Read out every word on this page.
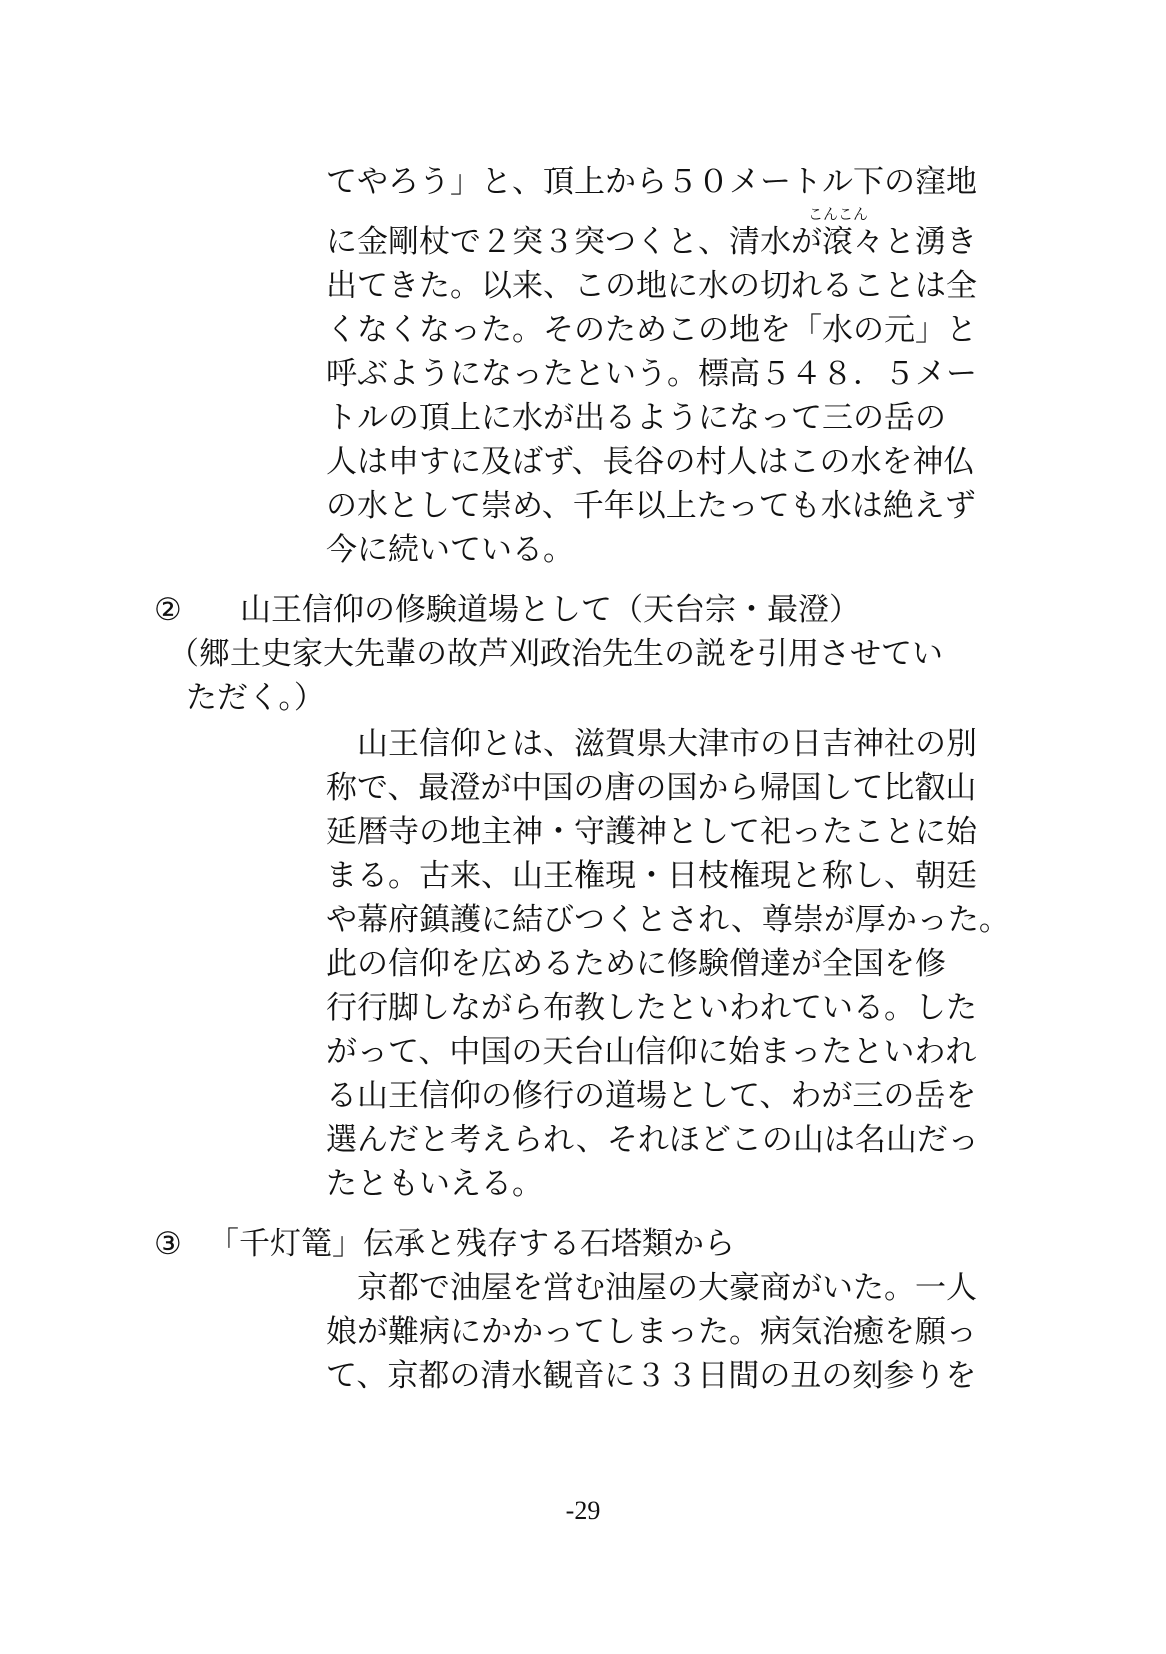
てやろう」と、頂上から５０メートル下の窪地

こんこん

に金剛杖で２突３突つくと、清水が滾々と湧き

出てきた。以来、この地に水の切れることは全

くなくなった。そのためこの地を「水の元」と

呼ぶようになったという。標高５４８．５メー

トルの頂上に水が出るようになって三の岳の

人は申すに及ばず、長谷の村人はこの水を神仏

の水として崇め、千年以上たっても水は絶えず

今に続いている。

② 山王信仰の修験道場として（天台宗・最澄）

（郷土史家大先輩の故芦刈政治先生の説を引用させてい

ただく。）

山王信仰とは、滋賀県大津市の日吉神社の別

称で、最澄が中国の唐の国から帰国して比叡山

延暦寺の地主神・守護神として祀ったことに始

まる。古来、山王権現・日枝権現と称し、朝廷

や幕府鎮護に結びつくとされ、尊崇が厚かった。

此の信仰を広めるために修験僧達が全国を修

行行脚しながら布教したといわれている。した

がって、中国の天台山信仰に始まったといわれ

る山王信仰の修行の道場として、わが三の岳を

選んだと考えられ、それほどこの山は名山だっ

たともいえる。

③ 「千灯篭」伝承と残存する石塔類から

京都で油屋を営む油屋の大豪商がいた。一人

娘が難病にかかってしまった。病気治癒を願っ

て、京都の清水観音に３３日間の丑の刻参りを

-29
